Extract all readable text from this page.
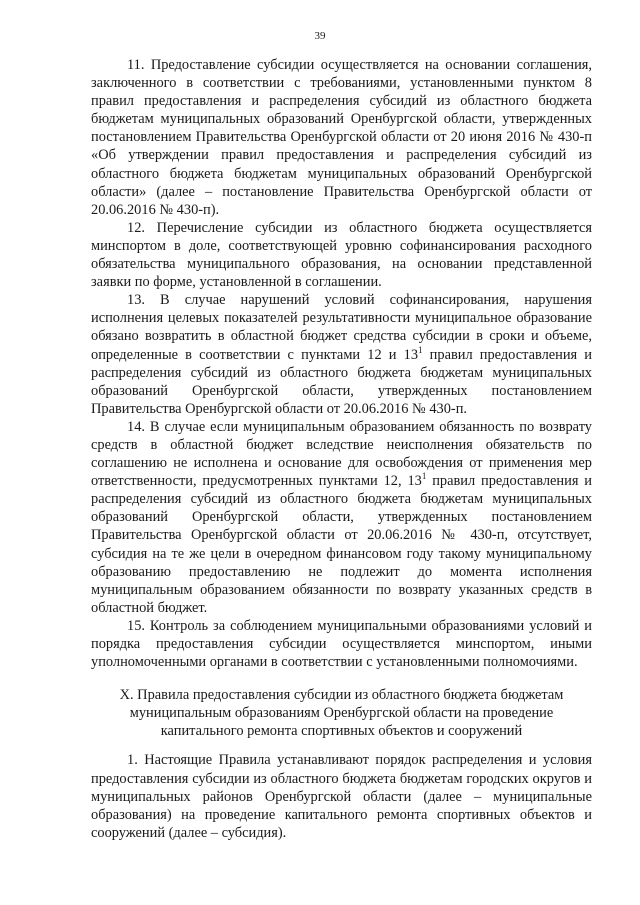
39

11. Предоставление субсидии осуществляется на основании соглашения, заключенного в соответствии с требованиями, установленными пунктом 8 правил предоставления и распределения субсидий из областного бюджета бюджетам муниципальных образований Оренбургской области, утвержденных постановлением Правительства Оренбургской области от 20 июня 2016 № 430-п «Об утверждении правил предоставления и распределения субсидий из областного бюджета бюджетам муниципальных образований Оренбургской области» (далее – постановление Правительства Оренбургской области от 20.06.2016 № 430-п).

12. Перечисление субсидии из областного бюджета осуществляется минспортом в доле, соответствующей уровню софинансирования расходного обязательства муниципального образования, на основании представленной заявки по форме, установленной в соглашении.

13. В случае нарушений условий софинансирования, нарушения исполнения целевых показателей результативности муниципальное образование обязано возвратить в областной бюджет средства субсидии в сроки и объеме, определенные в соответствии с пунктами 12 и $13^1$ правил предоставления и распределения субсидий из областного бюджета бюджетам муниципальных образований Оренбургской области, утвержденных постановлением Правительства Оренбургской области от 20.06.2016 № 430-п.

14. В случае если муниципальным образованием обязанность по возврату средств в областной бюджет вследствие неисполнения обязательств по соглашению не исполнена и основание для освобождения от применения мер ответственности, предусмотренных пунктами 12, $13^1$ правил предоставления и распределения субсидий из областного бюджета бюджетам муниципальных образований Оренбургской области, утвержденных постановлением Правительства Оренбургской области от 20.06.2016 № 430-п, отсутствует, субсидия на те же цели в очередном финансовом году такому муниципальному образованию предоставлению не подлежит до момента исполнения муниципальным образованием обязанности по возврату указанных средств в областной бюджет.

15. Контроль за соблюдением муниципальными образованиями условий и порядка предоставления субсидии осуществляется минспортом, иными уполномоченными органами в соответствии с установленными полномочиями.

X. Правила предоставления субсидии из областного бюджета бюджетам муниципальным образованиям Оренбургской области на проведение капитального ремонта спортивных объектов и сооружений

1. Настоящие Правила устанавливают порядок распределения и условия предоставления субсидии из областного бюджета бюджетам городских округов и муниципальных районов Оренбургской области (далее – муниципальные образования) на проведение капитального ремонта спортивных объектов и сооружений (далее – субсидия).
